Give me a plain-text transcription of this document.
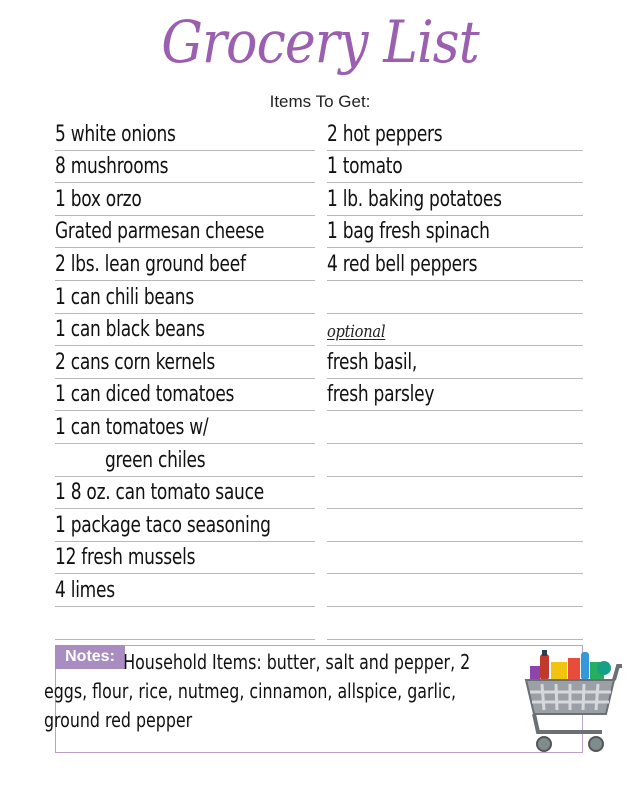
Grocery List
Items To Get:
5 white onions
8 mushrooms
1 box orzo
Grated parmesan cheese
2 lbs. lean ground beef
1 can chili beans
1 can black beans
2 cans corn kernels
1 can diced tomatoes
1 can tomatoes w/
green chiles
1 8 oz. can tomato sauce
1 package taco seasoning
12 fresh mussels
4 limes
2 hot peppers
1 tomato
1 lb. baking potatoes
1 bag fresh spinach
4 red bell peppers
optional
fresh basil,
fresh parsley
Notes: Household Items: butter, salt and pepper, 2 eggs, flour, rice, nutmeg, cinnamon, allspice, garlic, ground red pepper
